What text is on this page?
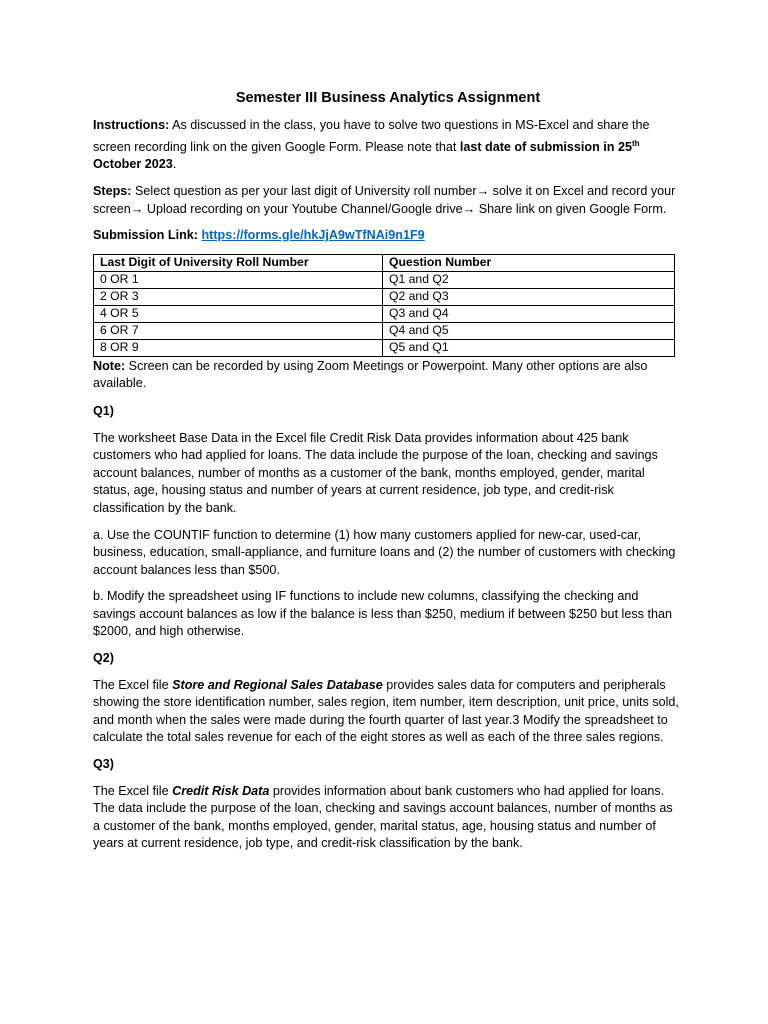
Semester III Business Analytics Assignment

Instructions: As discussed in the class, you have to solve two questions in MS-Excel and share the screen recording link on the given Google Form. Please note that last date of submission in 25th October 2023.

Steps: Select question as per your last digit of University roll number→ solve it on Excel and record your screen→ Upload recording on your Youtube Channel/Google drive→ Share link on given Google Form.

Submission Link: https://forms.gle/hkJjA9wTfNAi9n1F9

Last Digit of University Roll Number	Question Number
0 OR 1	Q1 and Q2
2 OR 3	Q2 and Q3
4 OR 5	Q3 and Q4
6 OR 7	Q4 and Q5
8 OR 9	Q5 and Q1

Note: Screen can be recorded by using Zoom Meetings or Powerpoint. Many other options are also available.

Q1)

The worksheet Base Data in the Excel file Credit Risk Data provides information about 425 bank customers who had applied for loans. The data include the purpose of the loan, checking and savings account balances, number of months as a customer of the bank, months employed, gender, marital status, age, housing status and number of years at current residence, job type, and credit-risk classification by the bank.

a. Use the COUNTIF function to determine (1) how many customers applied for new-car, used-car, business, education, small-appliance, and furniture loans and (2) the number of customers with checking account balances less than $500.

b. Modify the spreadsheet using IF functions to include new columns, classifying the checking and savings account balances as low if the balance is less than $250, medium if between $250 but less than $2000, and high otherwise.

Q2)

The Excel file Store and Regional Sales Database provides sales data for computers and peripherals showing the store identification number, sales region, item number, item description, unit price, units sold, and month when the sales were made during the fourth quarter of last year.3 Modify the spreadsheet to calculate the total sales revenue for each of the eight stores as well as each of the three sales regions.

Q3)

The Excel file Credit Risk Data provides information about bank customers who had applied for loans. The data include the purpose of the loan, checking and savings account balances, number of months as a customer of the bank, months employed, gender, marital status, age, housing status and number of years at current residence, job type, and credit-risk classification by the bank.
